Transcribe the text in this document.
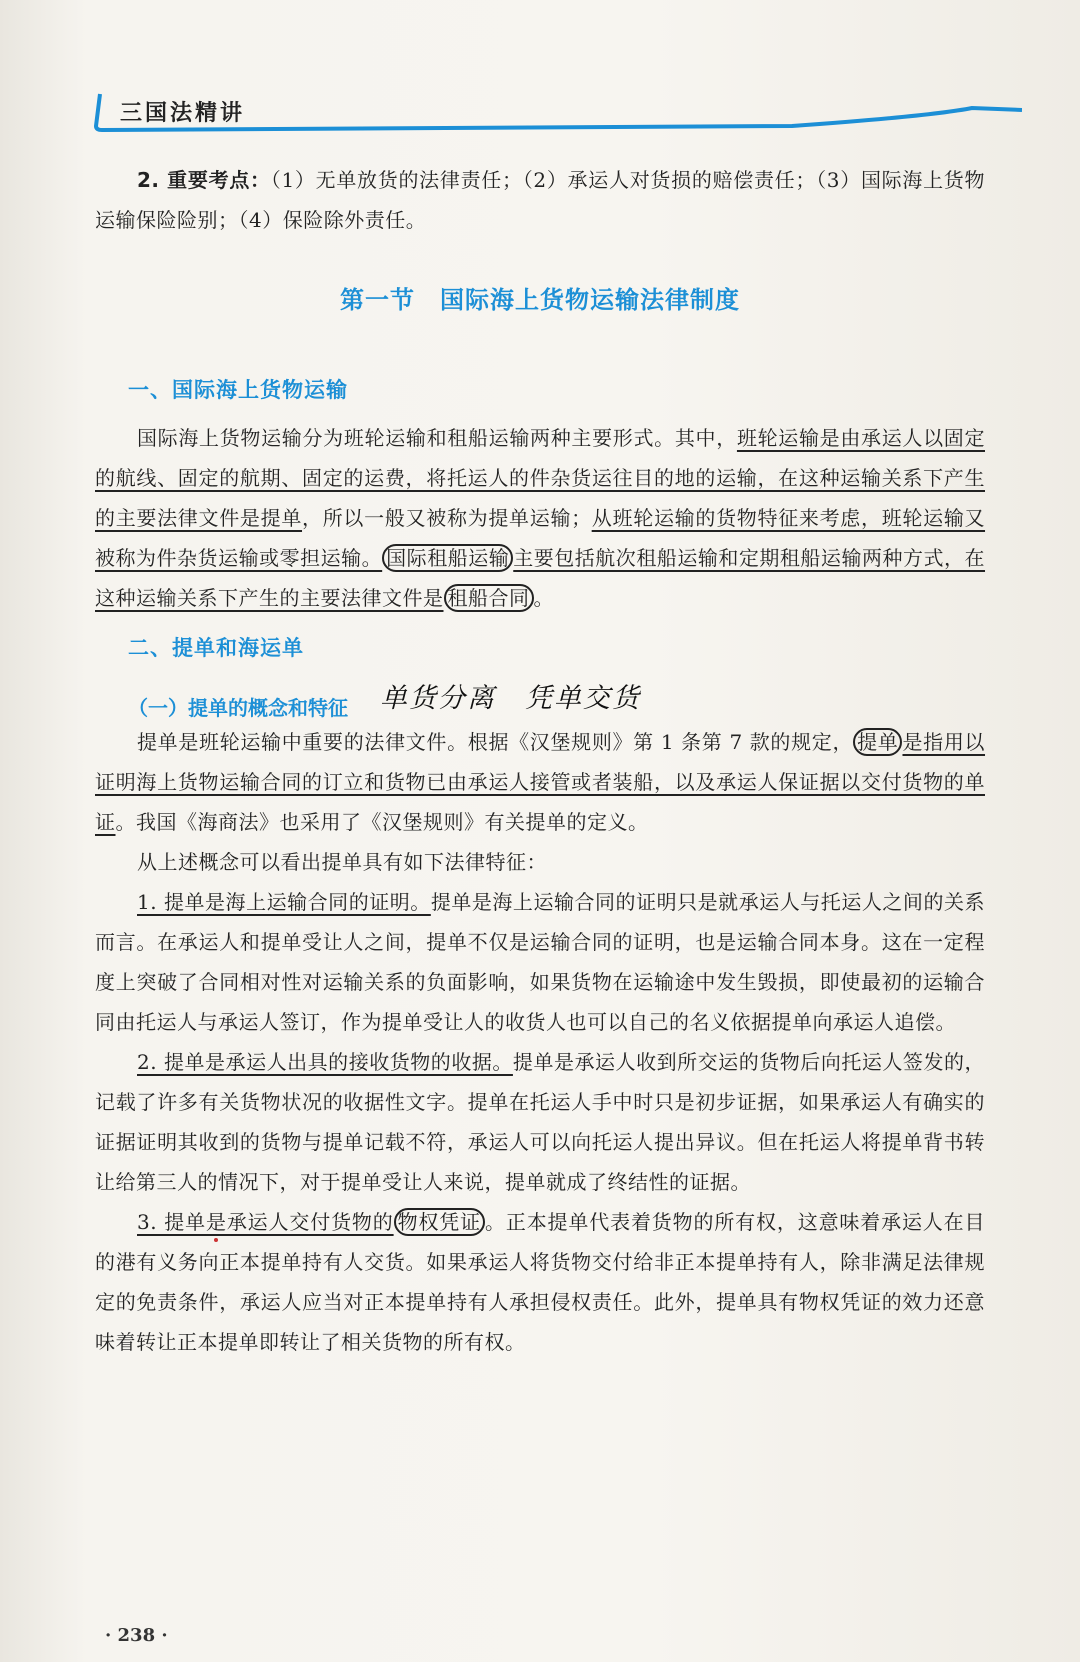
三国法精讲

2. 重要考点：（1）无单放货的法律责任；（2）承运人对货损的赔偿责任；（3）国际海上货物运输保险险别；（4）保险除外责任。

第一节　国际海上货物运输法律制度
一、国际海上货物运输

国际海上货物运输分为班轮运输和租船运输两种主要形式。其中，班轮运输是由承运人以固定的航线、固定的航期、固定的运费，将托运人的件杂货运往目的地的运输，在这种运输关系下产生的主要法律文件是提单，所以一般又被称为提单运输；从班轮运输的货物特征来考虑，班轮运输又被称为件杂货运输或零担运输。 国际租船运输 主要包括航次租船运输和定期租船运输两种方式，在这种运输关系下产生的主要法律文件是 租船合同 。

二、提单和海运单
（一）提单的概念和特征 单货分离　凭单交货

提单是班轮运输中重要的法律文件。根据《汉堡规则》第 1 条第 7 款的规定， 提单 是指用以证明海上货物运输合同的订立和货物已由承运人接管或者装船，以及承运人保证据以交付货物的单证。我国《海商法》也采用了《汉堡规则》有关提单的定义。

从上述概念可以看出提单具有如下法律特征：

1. 提单是海上运输合同的证明。提单是海上运输合同的证明只是就承运人与托运人之间的关系而言。在承运人和提单受让人之间，提单不仅是运输合同的证明，也是运输合同本身。这在一定程度上突破了合同相对性对运输关系的负面影响，如果货物在运输途中发生毁损，即使最初的运输合同由托运人与承运人签订，作为提单受让人的收货人也可以自己的名义依据提单向承运人追偿。

2. 提单是承运人出具的接收货物的收据。提单是承运人收到所交运的货物后向托运人签发的，记载了许多有关货物状况的收据性文字。提单在托运人手中时只是初步证据，如果承运人有确实的证据证明其收到的货物与提单记载不符，承运人可以向托运人提出异议。但在托运人将提单背书转让给第三人的情况下，对于提单受让人来说，提单就成了终结性的证据。

3. 提单是承运人交付货物的 物权凭证 。正本提单代表着货物的所有权，这意味着承运人在目的港有义务向正本提单持有人交货。如果承运人将货物交付给非正本提单持有人，除非满足法律规定的免责条件，承运人应当对正本提单持有人承担侵权责任。此外，提单具有物权凭证的效力还意味着转让正本提单即转让了相关货物的所有权。

· 238 ·
